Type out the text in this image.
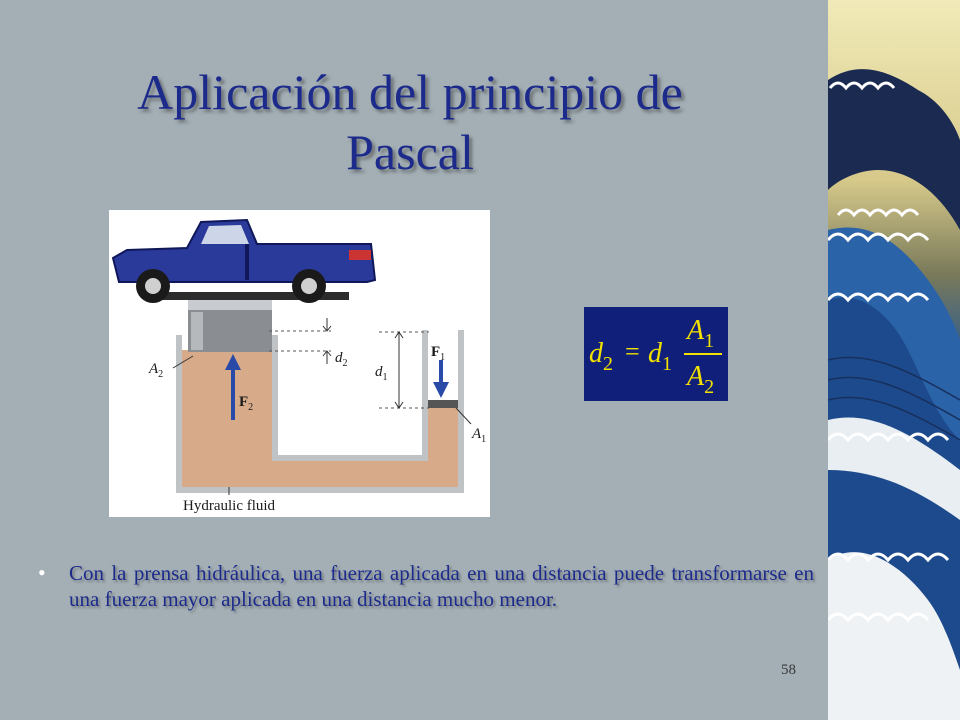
Aplicación del principio de
Pascal
$A_2$
$d_2$
$d_1$
$F_2$
$F_1$
$A_1$
Hydraulic fluid
$d_2 = d_1$
$A_1$
$A_2$
• Con la prensa hidráulica, una fuerza aplicada en una distancia puede transformarse en una fuerza mayor aplicada en una distancia mucho menor.
58
